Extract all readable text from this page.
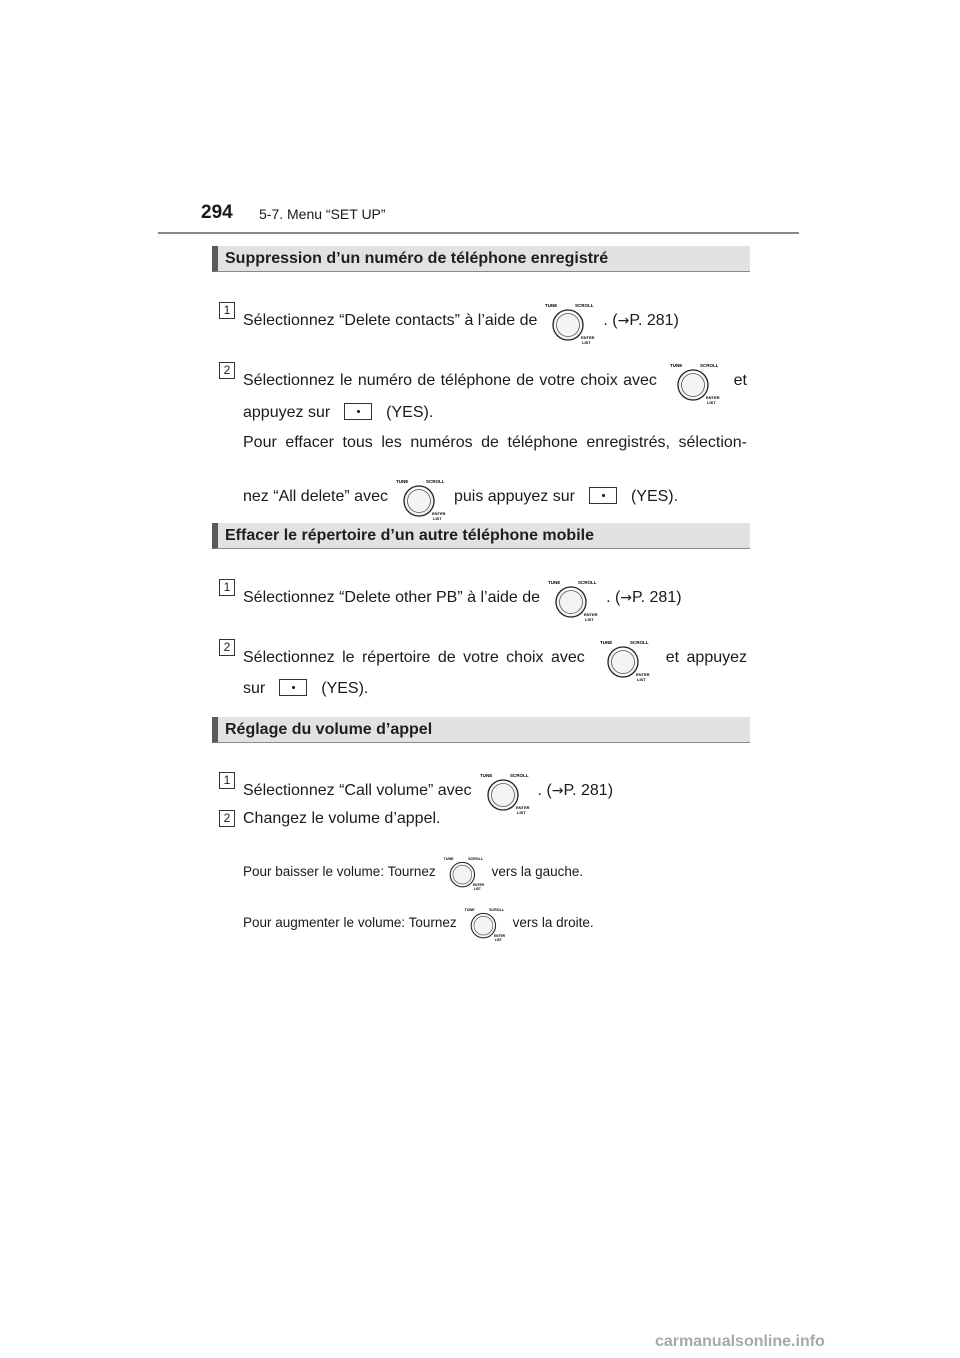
294 5-7. Menu “SET UP”
Suppression d’un numéro de téléphone enregistré
1
Sélectionnez “Delete contacts” à l’aide de	. (→P. 281)
2
Sélectionnez le numéro de téléphone de votre choix avec	et
appuyez sur	(YES).
Pour effacer tous les numéros de téléphone enregistrés, sélection-
nez “All delete” avec	puis appuyez sur	(YES).
Effacer le répertoire d’un autre téléphone mobile
1
Sélectionnez “Delete other PB” à l’aide de	. (→P. 281)
2
Sélectionnez le répertoire de votre choix avec	et appuyez
sur	(YES).
Réglage du volume d’appel
1
Sélectionnez “Call volume” avec	. (→P. 281)
2 Changez le volume d’appel.
Pour baisser le volume: Tournez	vers la gauche.
Pour augmenter le volume: Tournez	vers la droite.
carmanualsonline.info
